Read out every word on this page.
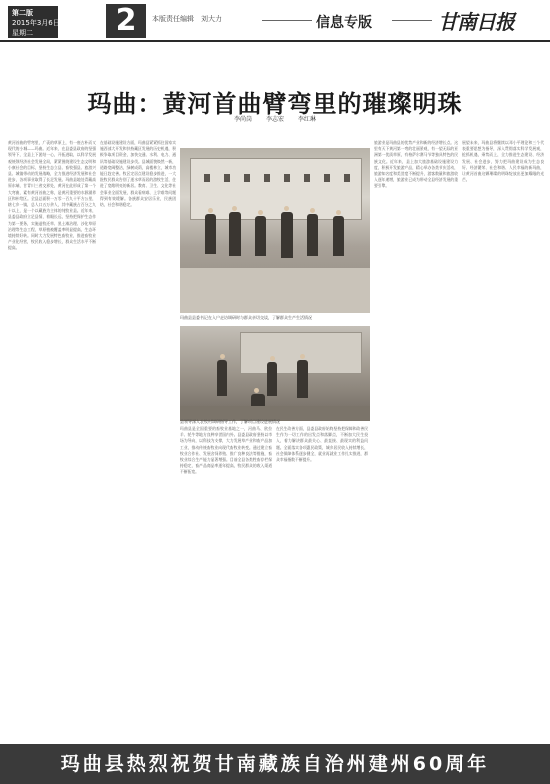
第二版
2015年3月6日
星期二	2	本版责任编辑　刘大力	信息专版	甘南日报
玛曲：黄河首曲臂弯里的璀璨明珠
李尚岗 李志宏 李红琳
黄河首曲的臂弯里，广袤的草原上，有一座古朴而又现代的小城——玛曲。近年来，在县委县政府的坚强领导下，全县上下团结一心，开拓进取，以科学发展观统领经济社会发展全局，紧紧围绕建设生态文明和小康社会的目标，坚持生态立县、畜牧强县、旅游兴县、城镇带动的发展战略，全力推进经济发展和社会进步，各项事业取得了长足发展。玛曲县地处青藏高原东端，甘青川三省交界处，黄河在此形成了第一个大弯曲，素有黄河首曲之称，是黄河重要的水源涵养区和补给区。全县总面积一万零一百九十平方公里，辖七乡一镇，总人口五万余人，其中藏族占百分之九十以上，是一个以藏族为主体的纯牧业县。近年来，县委县政府立足县情，着眼长远，坚持把保护生态作为第一要务，实施退牧还草、黑土滩治理、沙化草原治理等生态工程，草原植被覆盖率明显提高，生态环境持续好转。同时大力发展特色畜牧业，推进畜牧业产业化经营，牧民收入稳步增长，群众生活水平不断提高。
在基础设施建设方面，玛曲县紧紧抓住国家实施西部大开发和扶持藏区发展的历史机遇，积极争取项目资金，加快交通、水利、电力、通讯等基础设施建设步伐。县城面貌焕然一新，道路宽阔整洁，绿树成荫，高楼林立，城市功能日趋完善。牧区定居点建设稳步推进，一大批牧民群众告别了逐水草而居的游牧生活，住进了宽敞明亮的新居。教育、卫生、文化等社会事业全面发展，群众看病难、上学难等问题得到有效缓解。各族群众安居乐业，民族团结，社会和谐稳定。
玛曲县是全国重要的畜牧业基地之一，河曲马、欧拉羊、牦牛等地方良种享誉国内外。县委县政府坚持以市场为导向，以科技为支撑，大力发展草产业和畜产品加工业，推动传统畜牧业向现代畜牧业转变。通过建立畜牧业合作社、发展舍饲养殖、推广良种良法等措施，畜牧业综合生产能力显著增强。目前全县各类牲畜存栏保持稳定，畜产品商品率逐年提高，牧民群众的收入渠道不断拓宽。
在民生改善方面，县委县政府始终坚持把保障和改善民生作为一切工作的出发点和落脚点，不断加大民生投入，着力解决群众最关心、最直接、最现实的利益问题。全面落实各项惠民政策，城乡居民收入持续增长，社会保障体系逐步健全，就业再就业工作扎实推进，群众幸福指数不断提升。
旅游业是玛曲县的优势产业和新的经济增长点。这里有天下黄河第一弯的壮丽景观，有一望无际的亚洲第一优质草原，有格萨尔赛马节等独具特色的民族文化。近年来，县上加大旅游基础设施建设力度，积极开发旅游产品，精心举办各类节庆活动，旅游知名度和美誉度不断提升，游客数量和旅游收入逐年递增，旅游业已成为带动全县经济发展的重要引擎。
展望未来，玛曲县将继续以邓小平理论和三个代表重要思想为指导，深入贯彻落实科学发展观，抢抓机遇，乘势而上，全力推进生态建设、经济发展、社会进步，努力把玛曲建设成为生态良好、经济繁荣、社会和谐、人民幸福的新玛曲，让黄河首曲这颗璀璨的明珠绽放出更加耀眼的光芒。
玛曲县县委书记在入户走访调研时与群众亲切交谈，了解群众生产生活情况
县领导深入农牧村调研指导工作，了解项目建设进展情况
玛曲县热烈祝贺甘南藏族自治州建州60周年
